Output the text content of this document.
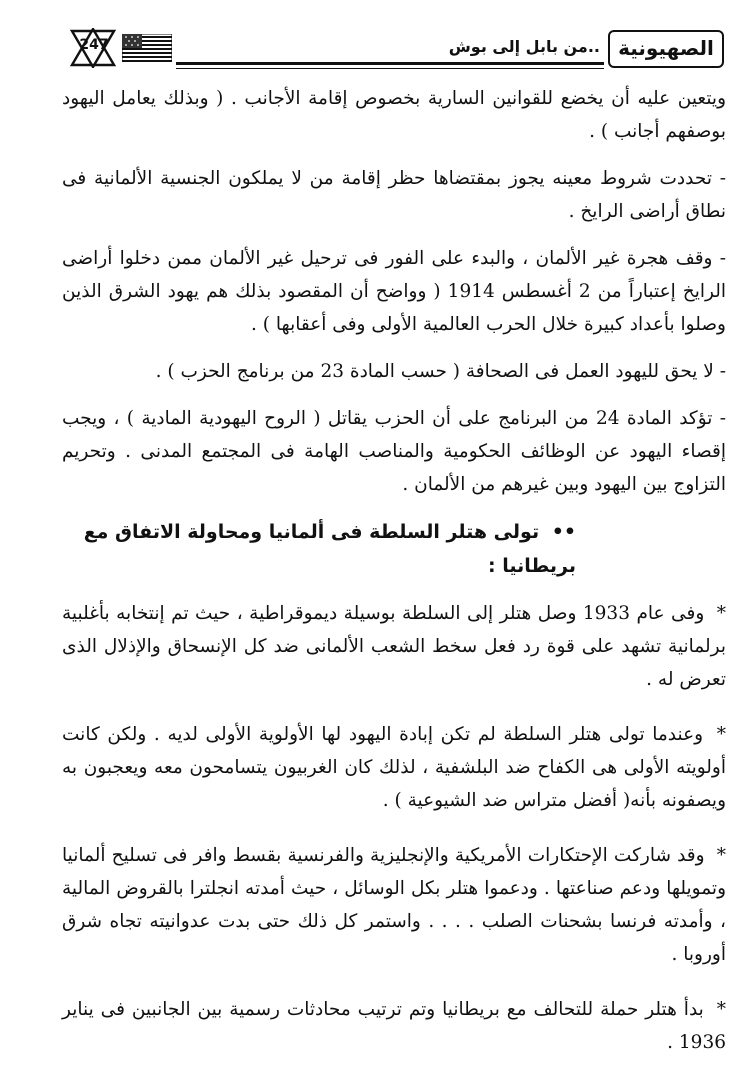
247	..من بابل إلى بوش الصهيونية

ويتعين عليه أن يخضع للقوانين السارية بخصوص إقامة الأجانب . ( وبذلك يعامل اليهود بوصفهم أجانب ) .

- تحددت شروط معينه يجوز بمقتضاها حظر إقامة من لا يملكون الجنسية الألمانية فى نطاق أراضى الرايخ .

- وقف هجرة غير الألمان ، والبدء على الفور فى ترحيل غير الألمان ممن دخلوا أراضى الرايخ إعتباراً من 2 أغسطس 1914 ( وواضح أن المقصود بذلك هم يهود الشرق الذين وصلوا بأعداد كبيرة خلال الحرب العالمية الأولى وفى أعقابها ) .

- لا يحق لليهود العمل فى الصحافة ( حسب المادة 23 من برنامج الحزب ) .

- تؤكد المادة 24 من البرنامج على أن الحزب يقاتل ( الروح اليهودية المادية ) ، ويجب إقصاء اليهود عن الوظائف الحكومية والمناصب الهامة فى المجتمع المدنى . وتحريم التزاوج بين اليهود وبين غيرهم من الألمان .

•• تولى هتلر السلطة فى ألمانيا ومحاولة الاتفاق مع بريطانيا :

* وفى عام 1933 وصل هتلر إلى السلطة بوسيلة ديموقراطية ، حيث تم إنتخابه بأغلبية برلمانية تشهد على قوة رد فعل سخط الشعب الألمانى ضد كل الإنسحاق والإذلال الذى تعرض له .

* وعندما تولى هتلر السلطة لم تكن إبادة اليهود لها الأولوية الأولى لديه . ولكن كانت أولويته الأولى هى الكفاح ضد البلشفية ، لذلك كان الغربيون يتسامحون معه ويعجبون به ويصفونه بأنه( أفضل متراس ضد الشيوعية ) .

* وقد شاركت الإحتكارات الأمريكية والإنجليزية والفرنسية بقسط وافر فى تسليح ألمانيا وتمويلها ودعم صناعتها . ودعموا هتلر بكل الوسائل ، حيث أمدته انجلترا بالقروض المالية ، وأمدته فرنسا بشحنات الصلب . . . . واستمر كل ذلك حتى بدت عدوانيته تجاه شرق أوروبا .

* بدأ هتلر حملة للتحالف مع بريطانيا وتم ترتيب محادثات رسمية بين الجانبين فى يناير 1936 .
